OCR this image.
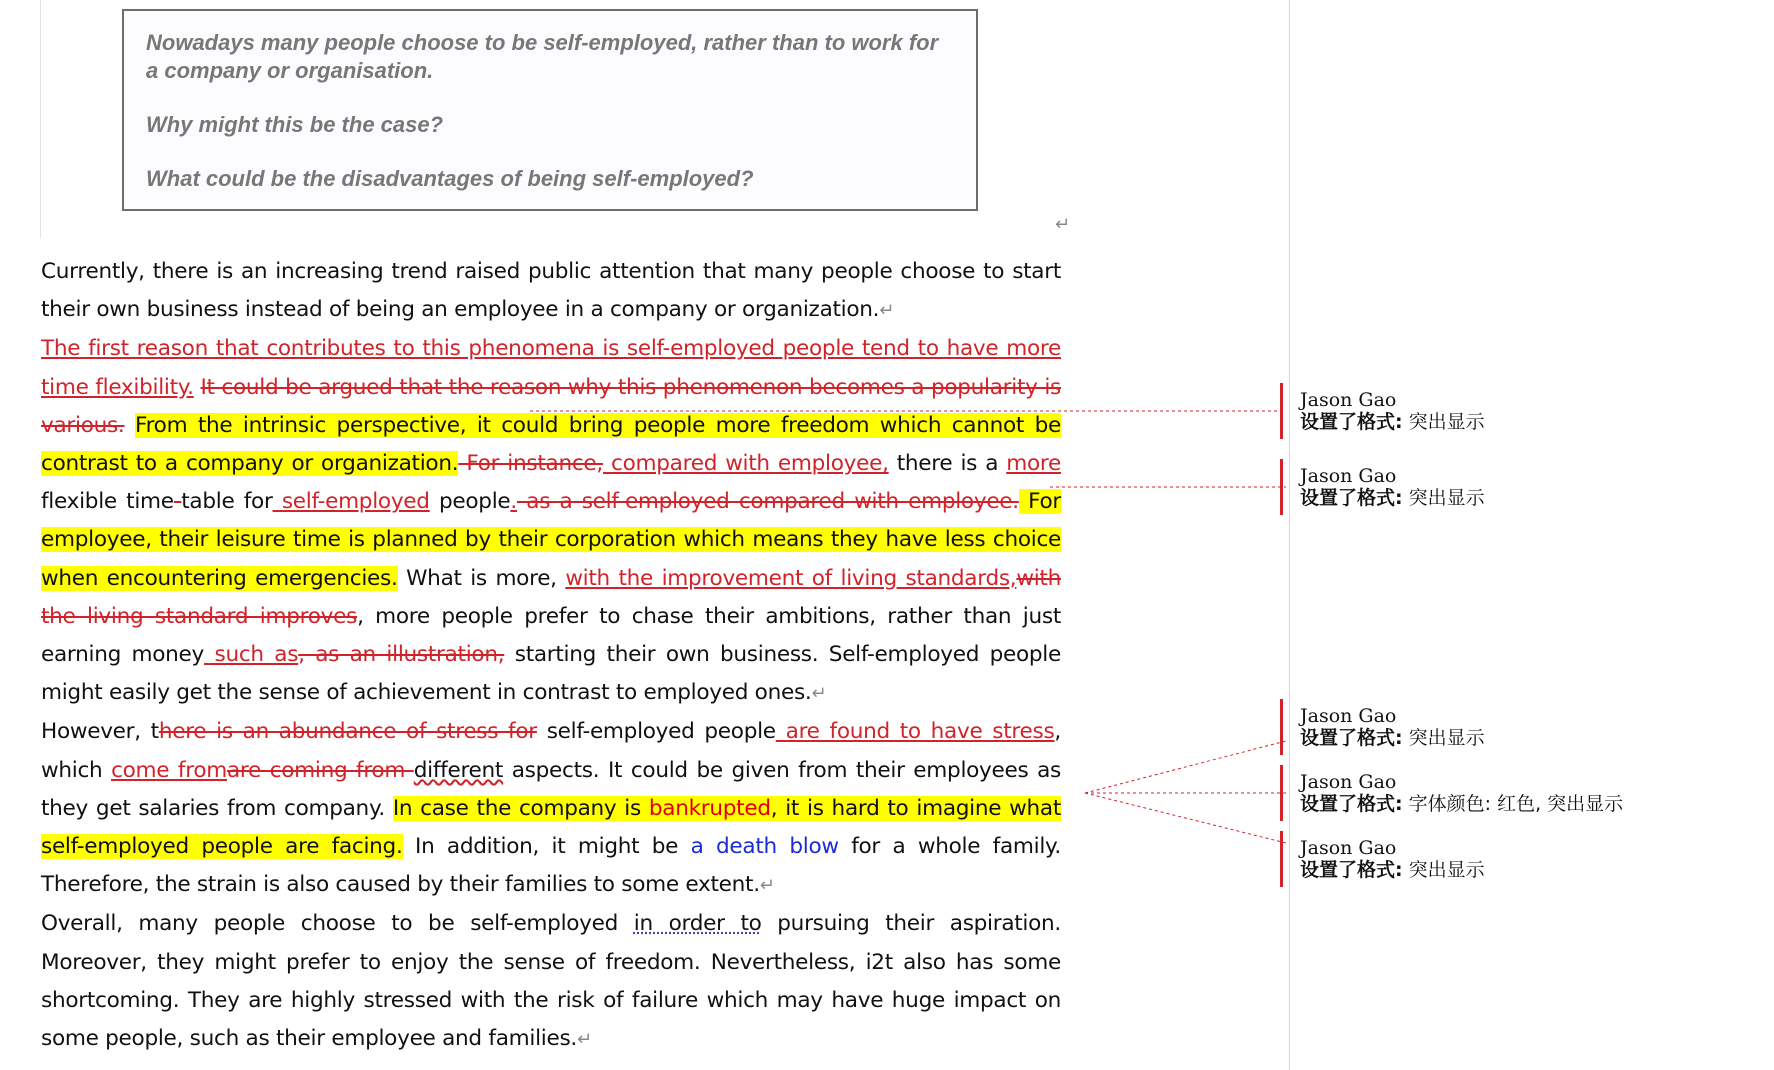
Nowadays many people choose to be self-employed, rather than to work for a company or organisation.
Why might this be the case?
What could be the disadvantages of being self-employed?
↵

Currently, there is an increasing trend raised public attention that many people choose to start their own business instead of being an employee in a company or organization.↵

The first reason that contributes to this phenomena is self-employed people tend to have more time flexibility. It could be argued that the reason why this phenomenon becomes a popularity is various. From the intrinsic perspective, it could bring people more freedom which cannot be contrast to a company or organization. For instance, compared with employee, there is a more flexible time-table for self-employed people. as a self-employed compared with employee. For employee, their leisure time is planned by their corporation which means they have less choice when encountering emergencies. What is more, with the improvement of living standards,with the living standard improves, more people prefer to chase their ambitions, rather than just earning money such as, as an illustration, starting their own business. Self-employed people might easily get the sense of achievement in contrast to employed ones.↵

However, there is an abundance of stress for self-employed people are found to have stress, which come fromare coming from different aspects. It could be given from their employees as they get salaries from company. In case the company is bankrupted, it is hard to imagine what self-employed people are facing. In addition, it might be a death blow for a whole family. Therefore, the strain is also caused by their families to some extent.↵

Overall, many people choose to be self-employed in order to pursuing their aspiration. Moreover, they might prefer to enjoy the sense of freedom. Nevertheless, i2t also has some shortcoming. They are highly stressed with the risk of failure which may have huge impact on some people, such as their employee and families.↵

Jason Gao
设置了格式: 突出显示
Jason Gao
设置了格式: 突出显示
Jason Gao
设置了格式: 突出显示
Jason Gao
设置了格式: 字体颜色: 红色, 突出显示
Jason Gao
设置了格式: 突出显示
